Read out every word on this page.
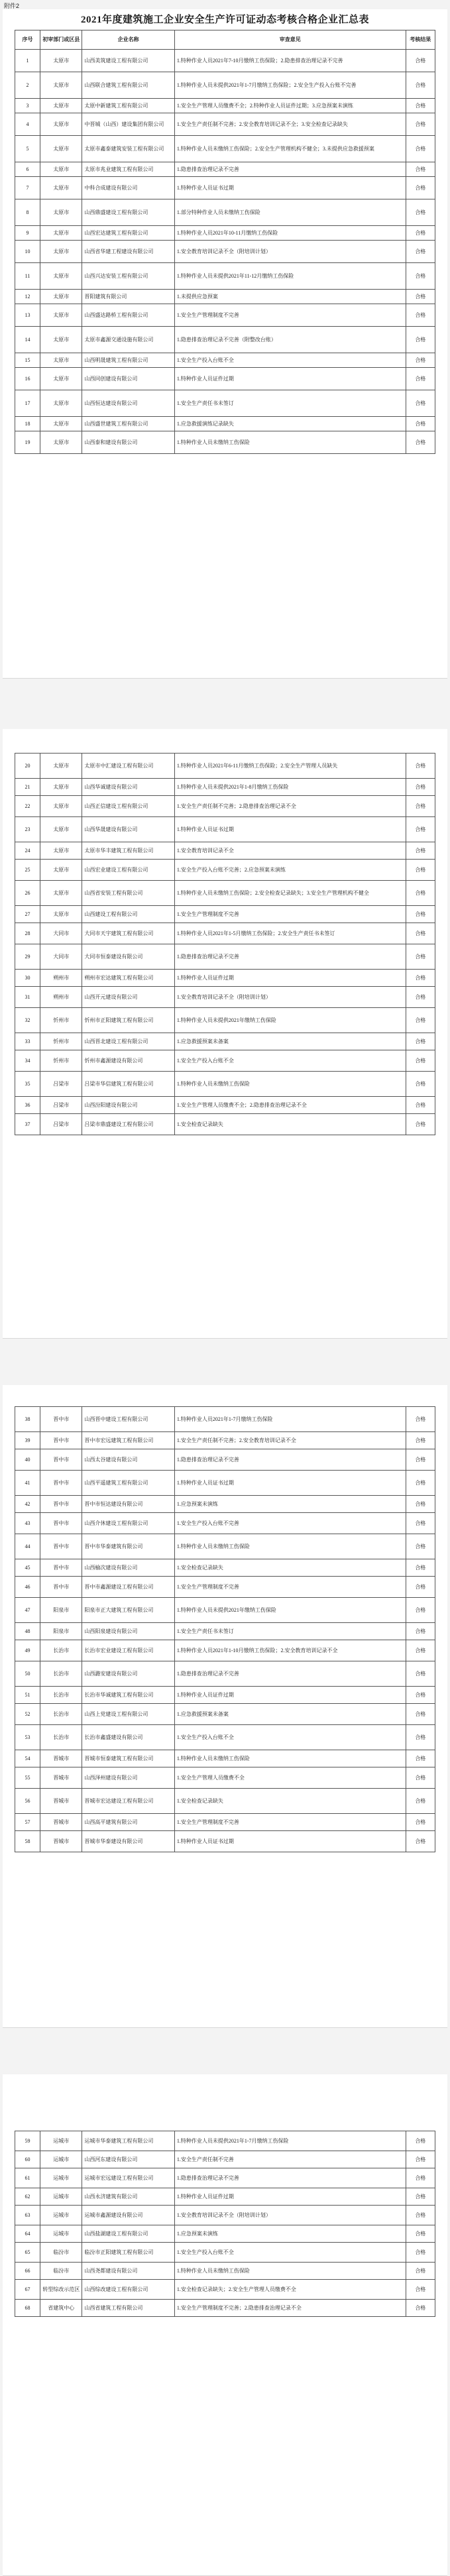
附件2
2021年度建筑施工企业安全生产许可证动态考核合格企业汇总表
序号	初审部门或区县	企业名称	审查意见	考核结果
1	太原市	山西美筑建设工程有限公司	1.特种作业人员2021年7-10月缴纳工伤保险；2.隐患排查治理记录不完善	合格
2	太原市	山西联合建筑工程有限公司	1.特种作业人员未提供2021年1-7月缴纳工伤保险；2.安全生产投入台账不完善	合格
3	太原市	太原中新建筑工程有限公司	1.安全生产管理人员缴费不全；2.特种作业人员证件过期；3.应急预案未演练	合格
4	太原市	中晋城（山西）建设集团有限公司	1.安全生产责任制不完善；2.安全教育培训记录不全；3.安全检查记录缺失	合格
5	太原市	太原市鑫泰建筑安装工程有限公司	1.特种作业人员未缴纳工伤保险；2.安全生产管理机构不健全；3.未提供应急救援预案	合格
6	太原市	太原市兆业建筑工程有限公司	1.隐患排查治理记录不完善	合格
7	太原市	中科合成建设有限公司	1.特种作业人员证书过期	合格
8	太原市	山西鼎盛建设工程有限公司	1.部分特种作业人员未缴纳工伤保险	合格
9	太原市	山西宏达建筑工程有限公司	1.特种作业人员2021年10-11月缴纳工伤保险	合格
10	太原市	山西省华建工程建设有限公司	1.安全教育培训记录不全（附培训计划）	合格
11	太原市	山西兴达安装工程有限公司	1.特种作业人员未提供2021年11-12月缴纳工伤保险	合格
12	太原市	晋阳建筑有限公司	1.未提供应急预案	合格
13	太原市	山西盛达路桥工程有限公司	1.安全生产管理制度不完善	合格
14	太原市	太原市鑫源交通设施有限公司	1.隐患排查治理记录不完善（附整改台账）	合格
15	太原市	山西明晟建筑工程有限公司	1.安全生产投入台账不全	合格
16	太原市	山西同创建设有限公司	1.特种作业人员证件过期	合格
17	太原市	山西恒达建设有限公司	1.安全生产责任书未签订	合格
18	太原市	山西盛世建筑工程有限公司	1.应急救援演练记录缺失	合格
19	太原市	山西泰和建设有限公司	1.特种作业人员未缴纳工伤保险	合格
20	太原市	太原市中汇建设工程有限公司	1.特种作业人员2021年6-11月缴纳工伤保险；2.安全生产管理人员缺失	合格
21	太原市	山西华诚建设有限公司	1.特种作业人员未提供2021年1-8月缴纳工伤保险	合格
22	太原市	山西正信建设工程有限公司	1.安全生产责任制不完善；2.隐患排查治理记录不全	合格
23	太原市	山西华晟建设有限公司	1.特种作业人员证书过期	合格
24	太原市	太原市华丰建筑工程有限公司	1.安全教育培训记录不全	合格
25	太原市	山西宏业建设工程有限公司	1.安全生产投入台账不完善；2.应急预案未演练	合格
26	太原市	山西省安装工程有限公司	1.特种作业人员未缴纳工伤保险；2.安全检查记录缺失；3.安全生产管理机构不健全	合格
27	太原市	山西建设工程有限公司	1.安全生产管理制度不完善	合格
28	大同市	大同市天宇建筑工程有限公司	1.特种作业人员2021年1-5月缴纳工伤保险；2.安全生产责任书未签订	合格
29	大同市	大同市恒泰建设有限公司	1.隐患排查治理记录不完善	合格
30	朔州市	朔州市宏达建筑工程有限公司	1.特种作业人员证件过期	合格
31	朔州市	山西开元建设有限公司	1.安全教育培训记录不全（附培训计划）	合格
32	忻州市	忻州市正阳建筑工程有限公司	1.特种作业人员未提供2021年缴纳工伤保险	合格
33	忻州市	山西晋北建设工程有限公司	1.应急救援预案未备案	合格
34	忻州市	忻州市鑫源建设有限公司	1.安全生产投入台账不全	合格
35	吕梁市	吕梁市华信建筑工程有限公司	1.特种作业人员未缴纳工伤保险	合格
36	吕梁市	山西汾阳建设有限公司	1.安全生产管理人员缴费不全；2.隐患排查治理记录不全	合格
37	吕梁市	吕梁市鼎盛建设工程有限公司	1.安全检查记录缺失	合格
38	晋中市	山西晋中建设工程有限公司	1.特种作业人员2021年1-7月缴纳工伤保险	合格
39	晋中市	晋中市宏远建筑工程有限公司	1.安全生产责任制不完善；2.安全教育培训记录不全	合格
40	晋中市	山西太谷建设有限公司	1.隐患排查治理记录不完善	合格
41	晋中市	山西平遥建筑工程有限公司	1.特种作业人员证书过期	合格
42	晋中市	晋中市恒达建设有限公司	1.应急预案未演练	合格
43	晋中市	山西介休建设工程有限公司	1.安全生产投入台账不完善	合格
44	晋中市	晋中市华泰建筑有限公司	1.特种作业人员未缴纳工伤保险	合格
45	晋中市	山西榆次建设有限公司	1.安全检查记录缺失	合格
46	晋中市	晋中市鑫源建设工程有限公司	1.安全生产管理制度不完善	合格
47	阳泉市	阳泉市正大建筑工程有限公司	1.特种作业人员未提供2021年缴纳工伤保险	合格
48	阳泉市	山西阳泉建设有限公司	1.安全生产责任书未签订	合格
49	长治市	长治市宏业建设工程有限公司	1.特种作业人员2021年1-10月缴纳工伤保险；2.安全教育培训记录不全	合格
50	长治市	山西潞安建设有限公司	1.隐患排查治理记录不完善	合格
51	长治市	长治市华诚建筑工程有限公司	1.特种作业人员证件过期	合格
52	长治市	山西上党建设工程有限公司	1.应急救援预案未备案	合格
53	长治市	长治市鑫盛建设有限公司	1.安全生产投入台账不全	合格
54	晋城市	晋城市恒泰建筑工程有限公司	1.特种作业人员未缴纳工伤保险	合格
55	晋城市	山西泽州建设有限公司	1.安全生产管理人员缴费不全	合格
56	晋城市	晋城市宏达建设工程有限公司	1.安全检查记录缺失	合格
57	晋城市	山西高平建筑有限公司	1.安全生产管理制度不完善	合格
58	晋城市	晋城市华泰建设有限公司	1.特种作业人员证书过期	合格
59	运城市	运城市华泰建筑工程有限公司	1.特种作业人员未提供2021年1-7月缴纳工伤保险	合格
60	运城市	山西河东建设有限公司	1.安全生产责任制不完善	合格
61	运城市	运城市宏远建设工程有限公司	1.隐患排查治理记录不完善	合格
62	运城市	山西永济建筑有限公司	1.特种作业人员证件过期	合格
63	运城市	运城市鑫源建设有限公司	1.安全教育培训记录不全（附培训计划）	合格
64	运城市	山西盐湖建设工程有限公司	1.应急预案未演练	合格
65	临汾市	临汾市正阳建筑工程有限公司	1.安全生产投入台账不全	合格
66	临汾市	山西尧都建设有限公司	1.特种作业人员未缴纳工伤保险	合格
67	转型综改示范区	山西综改建设工程有限公司	1.安全检查记录缺失；2.安全生产管理人员缴费不全	合格
68	省建筑中心	山西省建筑工程有限公司	1.安全生产管理制度不完善；2.隐患排查治理记录不全	合格
